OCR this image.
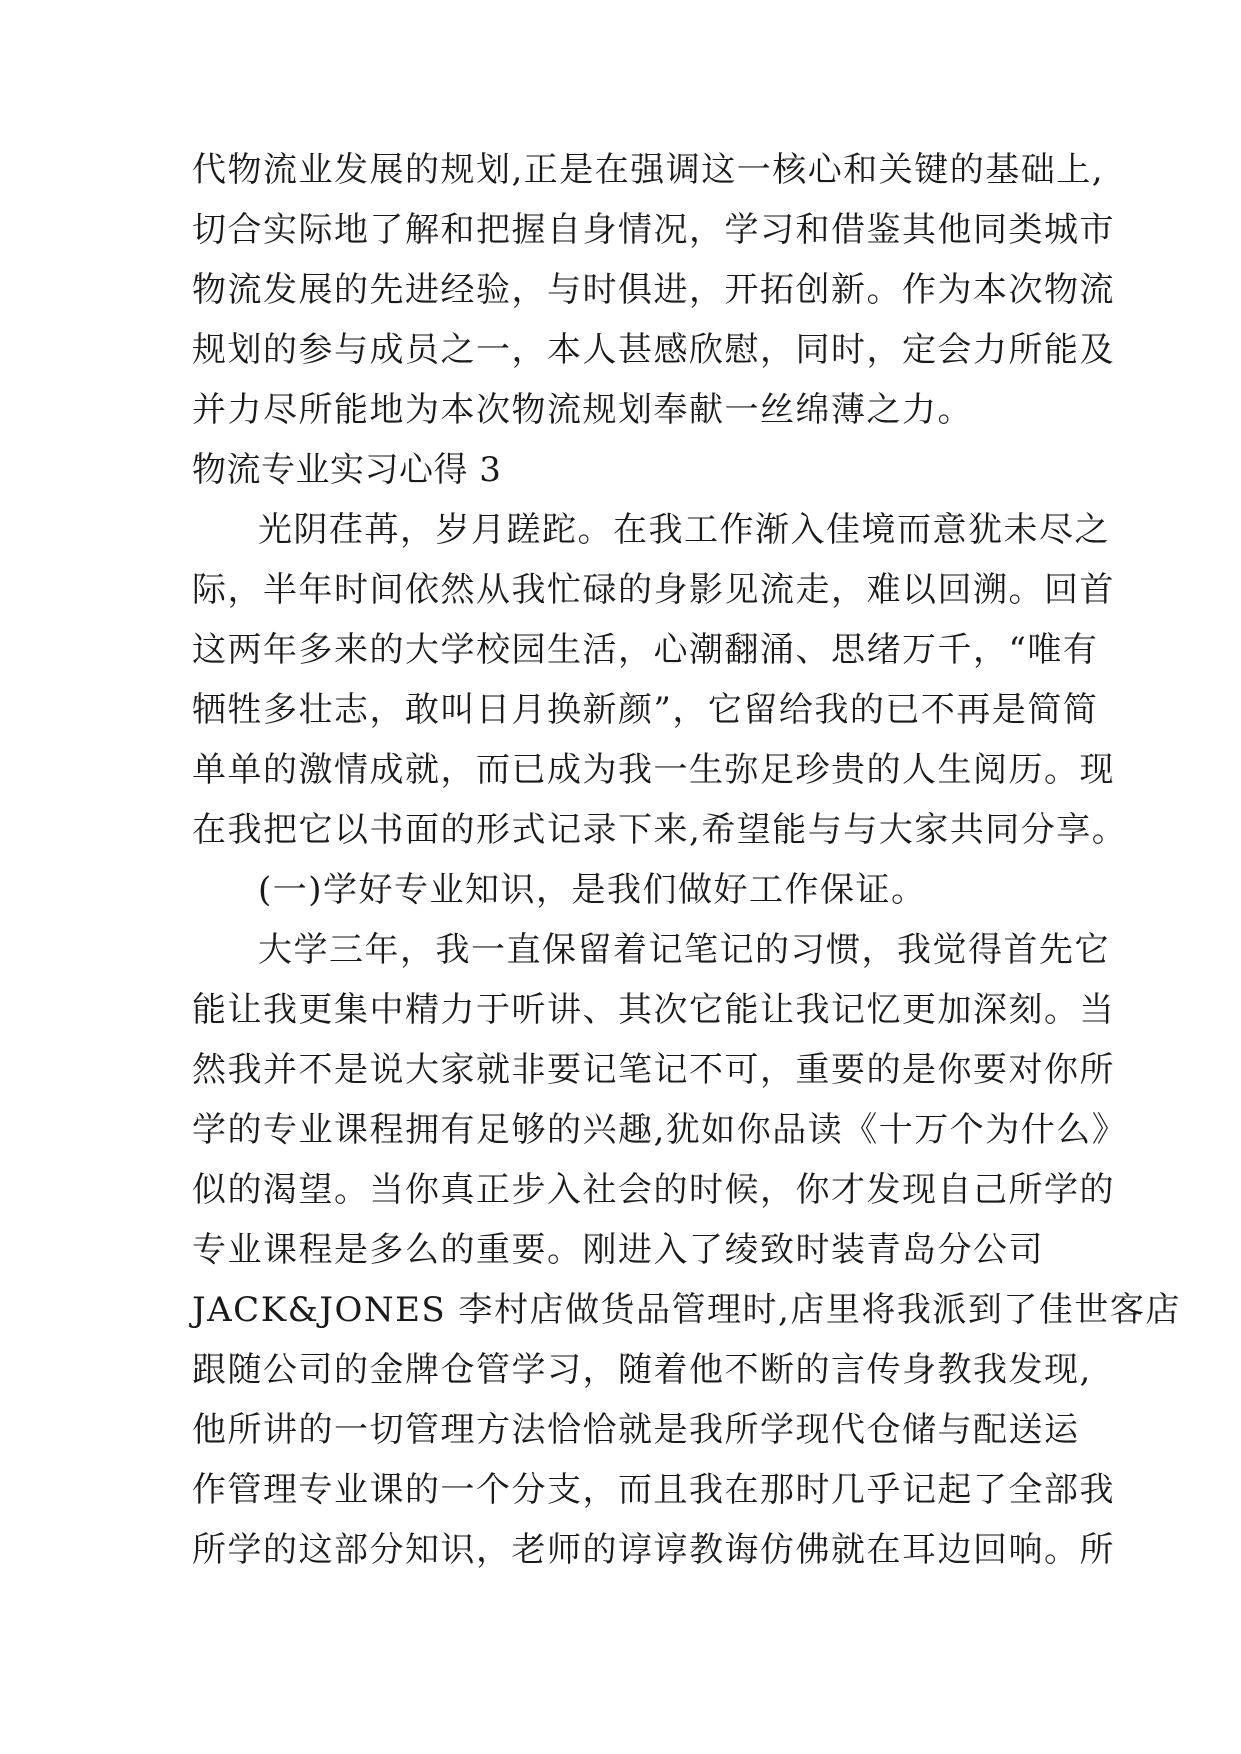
代物流业发展的规划,正是在强调这一核心和关键的基础上,
切合实际地了解和把握自身情况，学习和借鉴其他同类城市
物流发展的先进经验，与时俱进，开拓创新。作为本次物流
规划的参与成员之一，本人甚感欣慰，同时，定会力所能及
并力尽所能地为本次物流规划奉献一丝绵薄之力。
物流专业实习心得 3
光阴荏苒，岁月蹉跎。在我工作渐入佳境而意犹未尽之
际，半年时间依然从我忙碌的身影见流走，难以回溯。回首
这两年多来的大学校园生活，心潮翻涌、思绪万千，“唯有
牺牲多壮志，敢叫日月换新颜”，它留给我的已不再是简简
单单的激情成就，而已成为我一生弥足珍贵的人生阅历。现
在我把它以书面的形式记录下来,希望能与与大家共同分享。
(一)学好专业知识，是我们做好工作保证。
大学三年，我一直保留着记笔记的习惯，我觉得首先它
能让我更集中精力于听讲、其次它能让我记忆更加深刻。当
然我并不是说大家就非要记笔记不可，重要的是你要对你所
学的专业课程拥有足够的兴趣,犹如你品读《十万个为什么》
似的渴望。当你真正步入社会的时候，你才发现自己所学的
专业课程是多么的重要。刚进入了绫致时装青岛分公司
JACK&JONES 李村店做货品管理时,店里将我派到了佳世客店
跟随公司的金牌仓管学习，随着他不断的言传身教我发现,
他所讲的一切管理方法恰恰就是我所学现代仓储与配送运
作管理专业课的一个分支，而且我在那时几乎记起了全部我
所学的这部分知识，老师的谆谆教诲仿佛就在耳边回响。所
